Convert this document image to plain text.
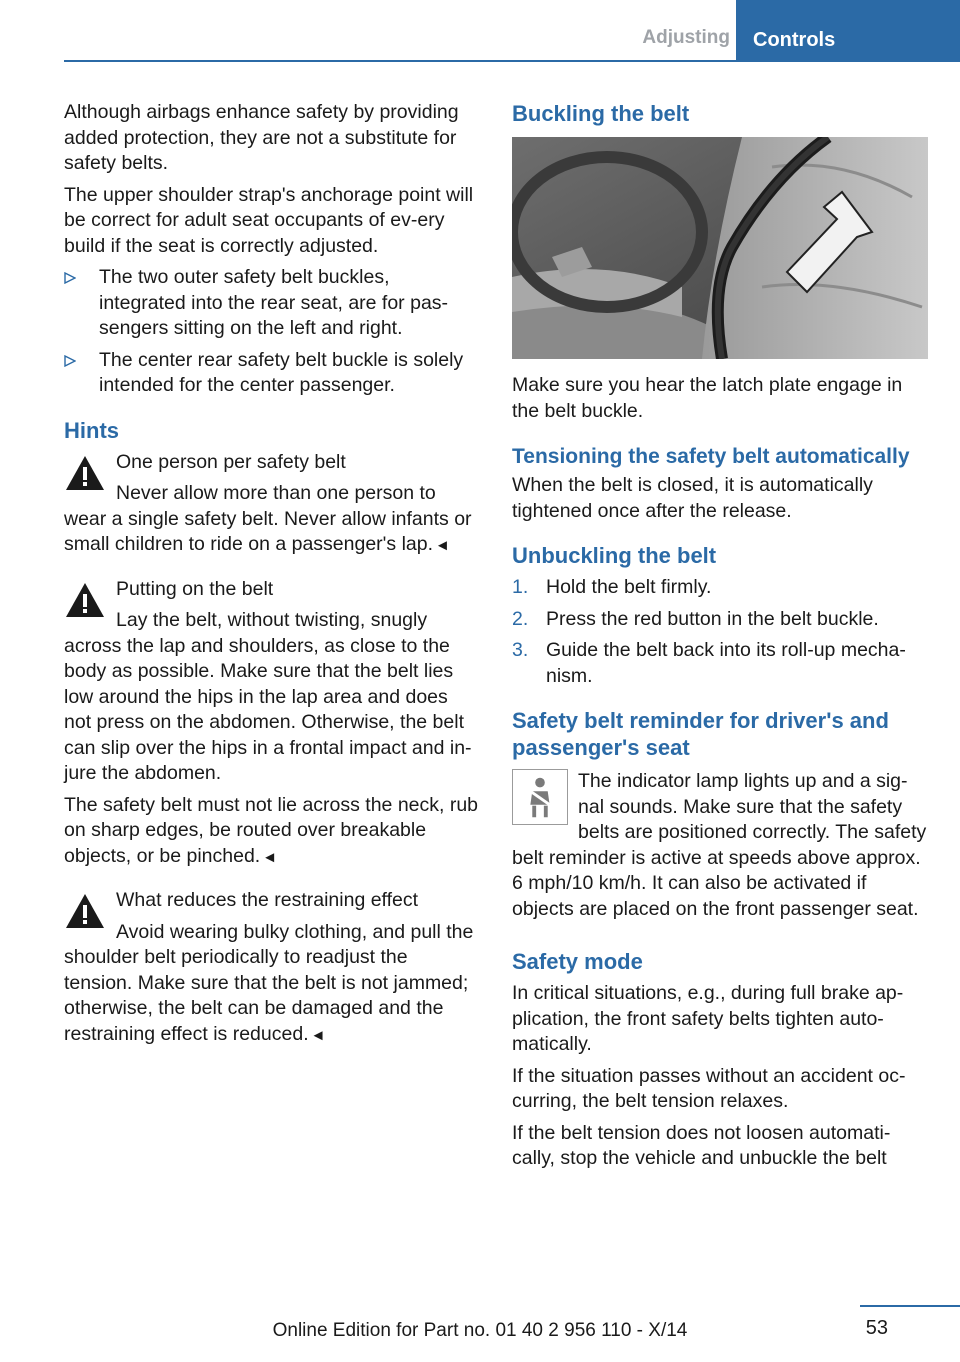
Adjusting	Controls

Although airbags enhance safety by providing added protection, they are not a substitute for safety belts.

The upper shoulder strap's anchorage point will be correct for adult seat occupants of ev-ery build if the seat is correctly adjusted.

The two outer safety belt buckles, integrated into the rear seat, are for pas-sengers sitting on the left and right.
The center rear safety belt buckle is solely intended for the center passenger.
Hints
One person per safety belt
Never allow more than one person to wear a single safety belt. Never allow infants or small children to ride on a passenger's lap. ◄
Putting on the belt
Lay the belt, without twisting, snugly across the lap and shoulders, as close to the body as possible. Make sure that the belt lies low around the hips in the lap area and does not press on the abdomen. Otherwise, the belt can slip over the hips in a frontal impact and in-jure the abdomen.
The safety belt must not lie across the neck, rub on sharp edges, be routed over breakable objects, or be pinched. ◄
What reduces the restraining effect
Avoid wearing bulky clothing, and pull the shoulder belt periodically to readjust the tension. Make sure that the belt is not jammed; otherwise, the belt can be damaged and the restraining effect is reduced. ◄
Buckling the belt

Make sure you hear the latch plate engage in the belt buckle.

Tensioning the safety belt automatically

When the belt is closed, it is automatically tightened once after the release.

Unbuckling the belt
1. Hold the belt firmly.
2. Press the red button in the belt buckle.
3. Guide the belt back into its roll-up mecha-nism.
Safety belt reminder for driver's and passenger's seat
The indicator lamp lights up and a sig-nal sounds. Make sure that the safety belts are positioned correctly. The safety belt reminder is active at speeds above approx. 6 mph/10 km/h. It can also be activated if objects are placed on the front passenger seat.
Safety mode

In critical situations, e.g., during full brake ap-plication, the front safety belts tighten auto-matically.

If the situation passes without an accident oc-curring, the belt tension relaxes.

If the belt tension does not loosen automati-cally, stop the vehicle and unbuckle the belt

53
Online Edition for Part no. 01 40 2 956 110 - X/14
